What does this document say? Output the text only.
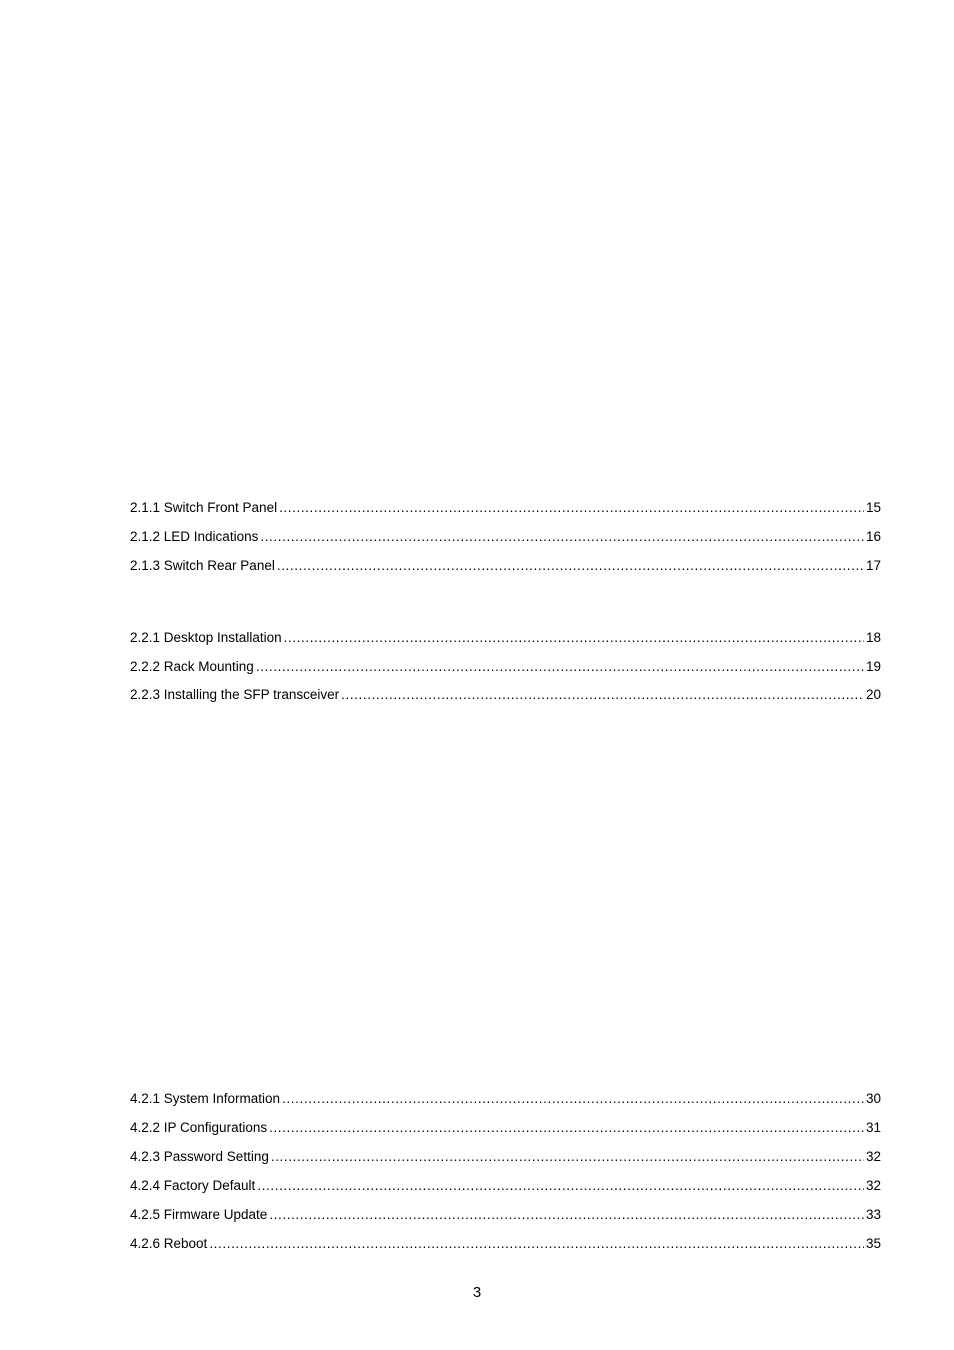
2.1.1 Switch Front Panel .....	15
2.1.2 LED Indications .....	16
2.1.3 Switch Rear Panel .....	17
2.2.1 Desktop Installation .....	18
2.2.2 Rack Mounting .....	19
2.2.3 Installing the SFP transceiver .....	20
4.2.1 System Information .....	30
4.2.2 IP Configurations .....	31
4.2.3 Password Setting .....	32
4.2.4 Factory Default .....	32
4.2.5 Firmware Update .....	33
4.2.6 Reboot .....	35
3
